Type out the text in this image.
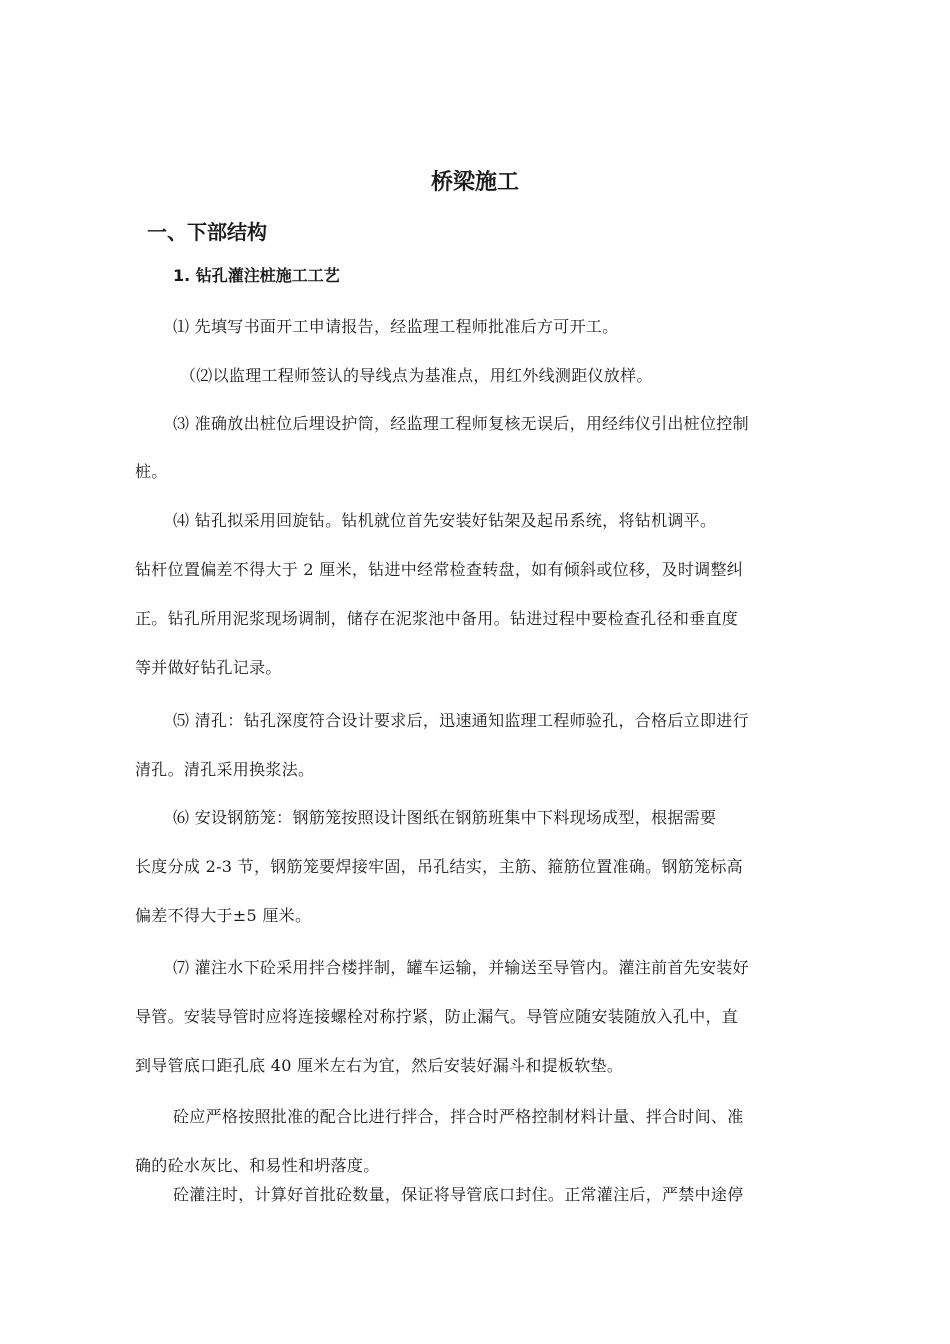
桥梁施工
一、下部结构
1. 钻孔灌注桩施工工艺
⑴ 先填写书面开工申请报告，经监理工程师批准后方可开工。
（⑵以监理工程师签认的导线点为基准点，用红外线测距仪放样。
⑶ 准确放出桩位后埋设护筒，经监理工程师复核无误后，用经纬仪引出桩位控制
桩。
⑷ 钻孔拟采用回旋钻。钻机就位首先安装好钻架及起吊系统，将钻机调平。
钻杆位置偏差不得大于 2 厘米，钻进中经常检查转盘，如有倾斜或位移，及时调整纠
正。钻孔所用泥浆现场调制，储存在泥浆池中备用。钻进过程中要检查孔径和垂直度
等并做好钻孔记录。
⑸ 清孔：钻孔深度符合设计要求后，迅速通知监理工程师验孔，合格后立即进行
清孔。清孔采用换浆法。
⑹ 安设钢筋笼：钢筋笼按照设计图纸在钢筋班集中下料现场成型，根据需要
长度分成 2-3 节，钢筋笼要焊接牢固，吊孔结实，主筋、箍筋位置准确。钢筋笼标高
偏差不得大于±5 厘米。
⑺ 灌注水下砼采用拌合楼拌制，罐车运输，并输送至导管内。灌注前首先安装好
导管。安装导管时应将连接螺栓对称拧紧，防止漏气。导管应随安装随放入孔中，直
到导管底口距孔底 40 厘米左右为宜，然后安装好漏斗和提板软垫。
砼应严格按照批准的配合比进行拌合，拌合时严格控制材料计量、拌合时间、准
确的砼水灰比、和易性和坍落度。
砼灌注时，计算好首批砼数量，保证将导管底口封住。正常灌注后，严禁中途停
